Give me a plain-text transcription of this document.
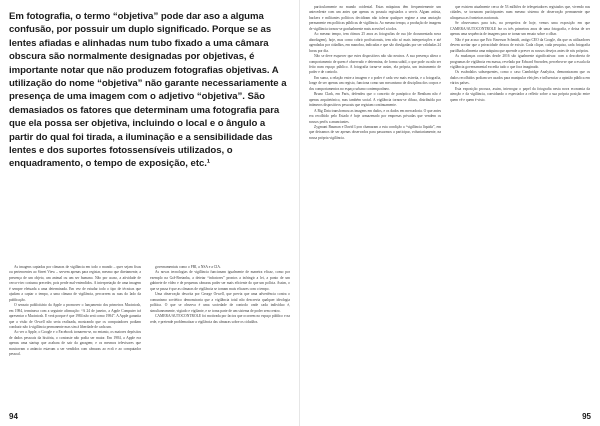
Em fotografia, o termo “objetiva” pode dar aso a alguma confusão, por possuir um duplo significado. Porque se as lentes afiadas e alinhadas num tubo fixado a uma câmara obscura são normalmente designadas por objetivas, é importante notar que não produzem fotografias objetivas. A utilização do nome “objetiva” não garante necessariamente a presença de uma imagem com o adjetivo “objetiva”. São demasiados os fatores que determinam uma fotografia para que ela possa ser objetiva, incluindo o local e o ângulo a partir do qual foi tirada, a iluminação e a sensibilidade das lentes e dos suportes fotossensíveis utilizados, o enquadramento, o tempo de exposição, etc.¹

As imagens captadas por câmaras de vigilância em todo o mundo – quer sejam fixas ou pertencentes ao Street View – servem apenas para registar, mesmo que diretamente, a presença de um objeto, um animal ou um ser humano. Não por acaso, a atividade de cerca-vivo costuma preceder, pois perde mal-entendidos. A interpretação de uma imagem é sempre efetuada a uma determinada. Em vez de estudar todo o tipo de técnicas que ajudam a captar o tempo, a uma câmara de vigilância, percorrem as ruas do lado da publicação.

O sensato publicitário da Apple a promover o lançamento dos primeiros Macintosh, em 1984, terminava com a seguinte afirmação: “A 24 de janeiro, a Apple Computer irá apresentar o Macintosh. E verá porque é que 1984 não será como 1984”. A Apple garantia que a visão de Orwell não seria realizada, mostrando que os computadores podiam conduzir não à vigilância permanente mas sim à liberdade de cada um.

Ao ver a Apple, o Google e o Facebook tornarem-se, no entanto, os maiores depósitos de dados pessoais da história, o contraste não podia ser maior. Em 1984, a Apple era apenas uma startup que acabara de sair da garagem; e os mesmos televisores que mostravam o anúncio estavam a ser vendidos com câmaras ao ecrã e ao computador pessoal.

governamentais como o FBI, a NSA e a CIA.

As novas tecnologias de vigilância funcionam igualmente de maneira eficaz, como por exemplo na Grã-Bretanha, a detetar “infratores” prontos a infringir a lei, a ponto de um gabinete de vídeo e de pequenas câmaras poder ser mais eficiente do que um polícia. Assim, o que se passa é que as câmaras de vigilância se tornam mais eficazes com o tempo.

Uma observação descrita por George Orwell, que previa que uma advertência contra o comunismo soviético demonstraria que a vigilância total não descrevia qualquer ideologia política. O que se observa é uma sociedade de controlo onde cada indivíduo é, simultaneamente, vigiado e vigilante, e se torna parte de um sistema de poder sem centro.

CAMERA/AUTOCONTROLE foi motivada por factos que ocorrem no espaço público e na rede, e pretende problematizar a vigilância das câmaras sobre os cidadãos.

94

particularmente no mundo ocidental. Estas máquinas têm frequentemente um antecedente com um antes que apenas os possuía registados a servir. Algum artista, hackers e militantes políticos decidiram não tolerar qualquer regime a uma anotação permanente em políticas públicas de vigilância. Ao mesmo tempo, a produção de imagens de vigilância tornou-se gradualmente mais acessível a todos.

Ao mesmo tempo, tem ótimos 25 anos as fotografias de rua (de documentada nova abordagem), hoje, mas como cobrir profissionais, tem não só mais interpretações e até agendadas por cidadãos, em manobra, indicadas e que são divulgadas por ser validadas 24 horas por dia.

Não se deve esquecer que estes dispositivos não são neutros. A sua presença altera o comportamento de quem é observado e determina, de forma subtil, o que pode ou não ser feito num espaço público. A fotografia torna-se assim, ela própria, um instrumento de poder e de controlo.

Em suma, a relação entre a imagem e o poder é cada vez mais estreita, e a fotografia, longe de ser apenas um registo, funciona como um mecanismo de disciplina dos corpos e dos comportamentos no espaço urbano contemporâneo.

Bruno Clark, em Paris, defendeu que o conceito de panóptico de Bentham não é apenas arquitetónico, mas também social. A vigilância tornou-se difusa, distribuída por inúmeros dispositivos pessoais que registam continuamente.

A Big Data transformou as imagens em dados, e os dados em mercadoria. O que antes era recolhido pelo Estado é hoje armazenado por empresas privadas que vendem os nossos perfis a anunciantes.

Zygmunt Bauman e David Lyon chamaram a esta condição a “vigilância líquida”, em que deixamos de ser apenas observados para passarmos a participar, voluntariamente, na nossa própria vigilância.

que existem atualmente cerca de 53 milhões de telespetadores registados que, vivendo nas cidades, se tornaram participantes num mesmo sistema de observação permanente que ultrapassa as fronteiras nacionais.

Se observamos para trás, na perspetiva de hoje, vemos uma exposição em que CAMERA/AUTOCONTROLE fez os três primeiros anos de uma fotografia, e deixa de ser apenas uma sequência de imagens para se tornar um ensaio sobre o olhar.

Não é por acaso que Eric Emerson Schmidt, antigo CEO da Google, diz que os utilizadores devem aceitar que a privacidade deixou de existir. Cada clique, cada pesquisa, cada fotografia partilhada alimenta uma máquina que aprende a prever os nossos desejos antes de nós próprios.

As mudanças ocorridas desde 2016 são igualmente significativas: com a descoberta de programas de vigilância em massa, revelada por Edward Snowden, percebeu-se que a escala da vigilância governamental excedia tudo o que fora imaginado.

Os escândalos subsequentes, como o caso Cambridge Analytica, demonstraram que os dados recolhidos podiam ser usados para manipular eleições e influenciar a opinião pública em vários países.

Esta exposição procura, assim, interrogar o papel da fotografia nesta nova economia da atenção e da vigilância, convidando o espectador a refletir sobre a sua própria posição entre quem vê e quem é visto.

95
